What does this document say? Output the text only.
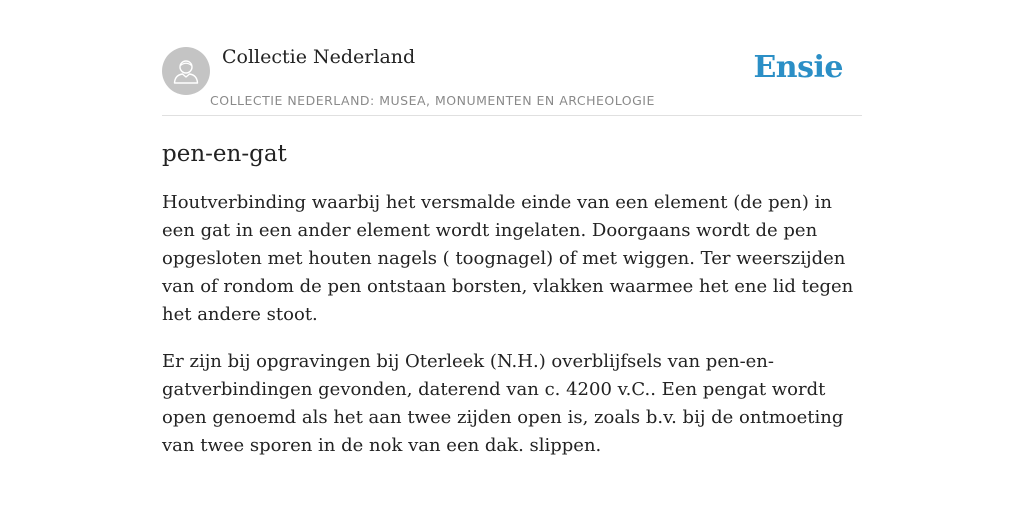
Collectie Nederland
COLLECTIE NEDERLAND: MUSEA, MONUMENTEN EN ARCHEOLOGIE
Ensie
pen-en-gat

Houtverbinding waarbij het versmalde einde van een element (de pen) in een gat in een ander element wordt ingelaten. Doorgaans wordt de pen opgesloten met houten nagels ( toognagel) of met wiggen. Ter weerszijden van of rondom de pen ontstaan borsten, vlakken waarmee het ene lid tegen het andere stoot.

Er zijn bij opgravingen bij Oterleek (N.H.) overblijfsels van pen-en-gatverbindingen gevonden, daterend van c. 4200 v.C.. Een pengat wordt open genoemd als het aan twee zijden open is, zoals b.v. bij de ontmoeting van twee sporen in de nok van een dak. slippen.
